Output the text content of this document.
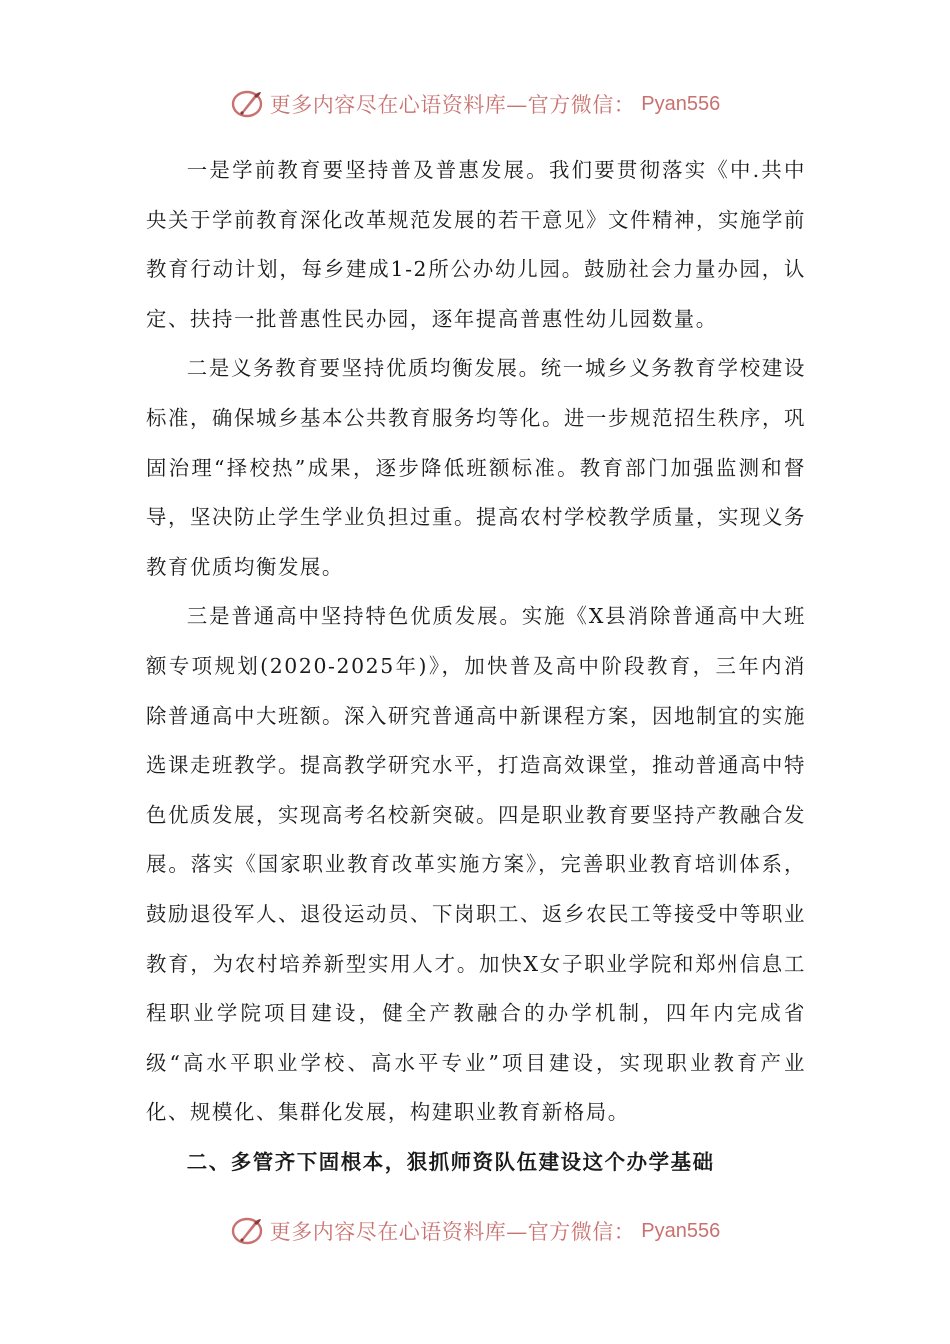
更多内容尽在心语资料库—官方微信： Pyan556

一是学前教育要坚持普及普惠发展。我们要贯彻落实《中.共中央关于学前教育深化改革规范发展的若干意见》文件精神，实施学前教育行动计划，每乡建成1-2所公办幼儿园。鼓励社会力量办园，认定、扶持一批普惠性民办园，逐年提高普惠性幼儿园数量。

二是义务教育要坚持优质均衡发展。统一城乡义务教育学校建设标准，确保城乡基本公共教育服务均等化。进一步规范招生秩序，巩固治理“择校热”成果，逐步降低班额标准。教育部门加强监测和督导，坚决防止学生学业负担过重。提高农村学校教学质量，实现义务教育优质均衡发展。

三是普通高中坚持特色优质发展。实施《X县消除普通高中大班额专项规划(2020-2025年)》，加快普及高中阶段教育，三年内消除普通高中大班额。深入研究普通高中新课程方案，因地制宜的实施选课走班教学。提高教学研究水平，打造高效课堂，推动普通高中特色优质发展，实现高考名校新突破。四是职业教育要坚持产教融合发展。落实《国家职业教育改革实施方案》，完善职业教育培训体系，鼓励退役军人、退役运动员、下岗职工、返乡农民工等接受中等职业教育，为农村培养新型实用人才。加快X女子职业学院和郑州信息工程职业学院项目建设，健全产教融合的办学机制，四年内完成省级“高水平职业学校、高水平专业”项目建设，实现职业教育产业化、规模化、集群化发展，构建职业教育新格局。

二、多管齐下固根本，狠抓师资队伍建设这个办学基础

更多内容尽在心语资料库—官方微信： Pyan556
